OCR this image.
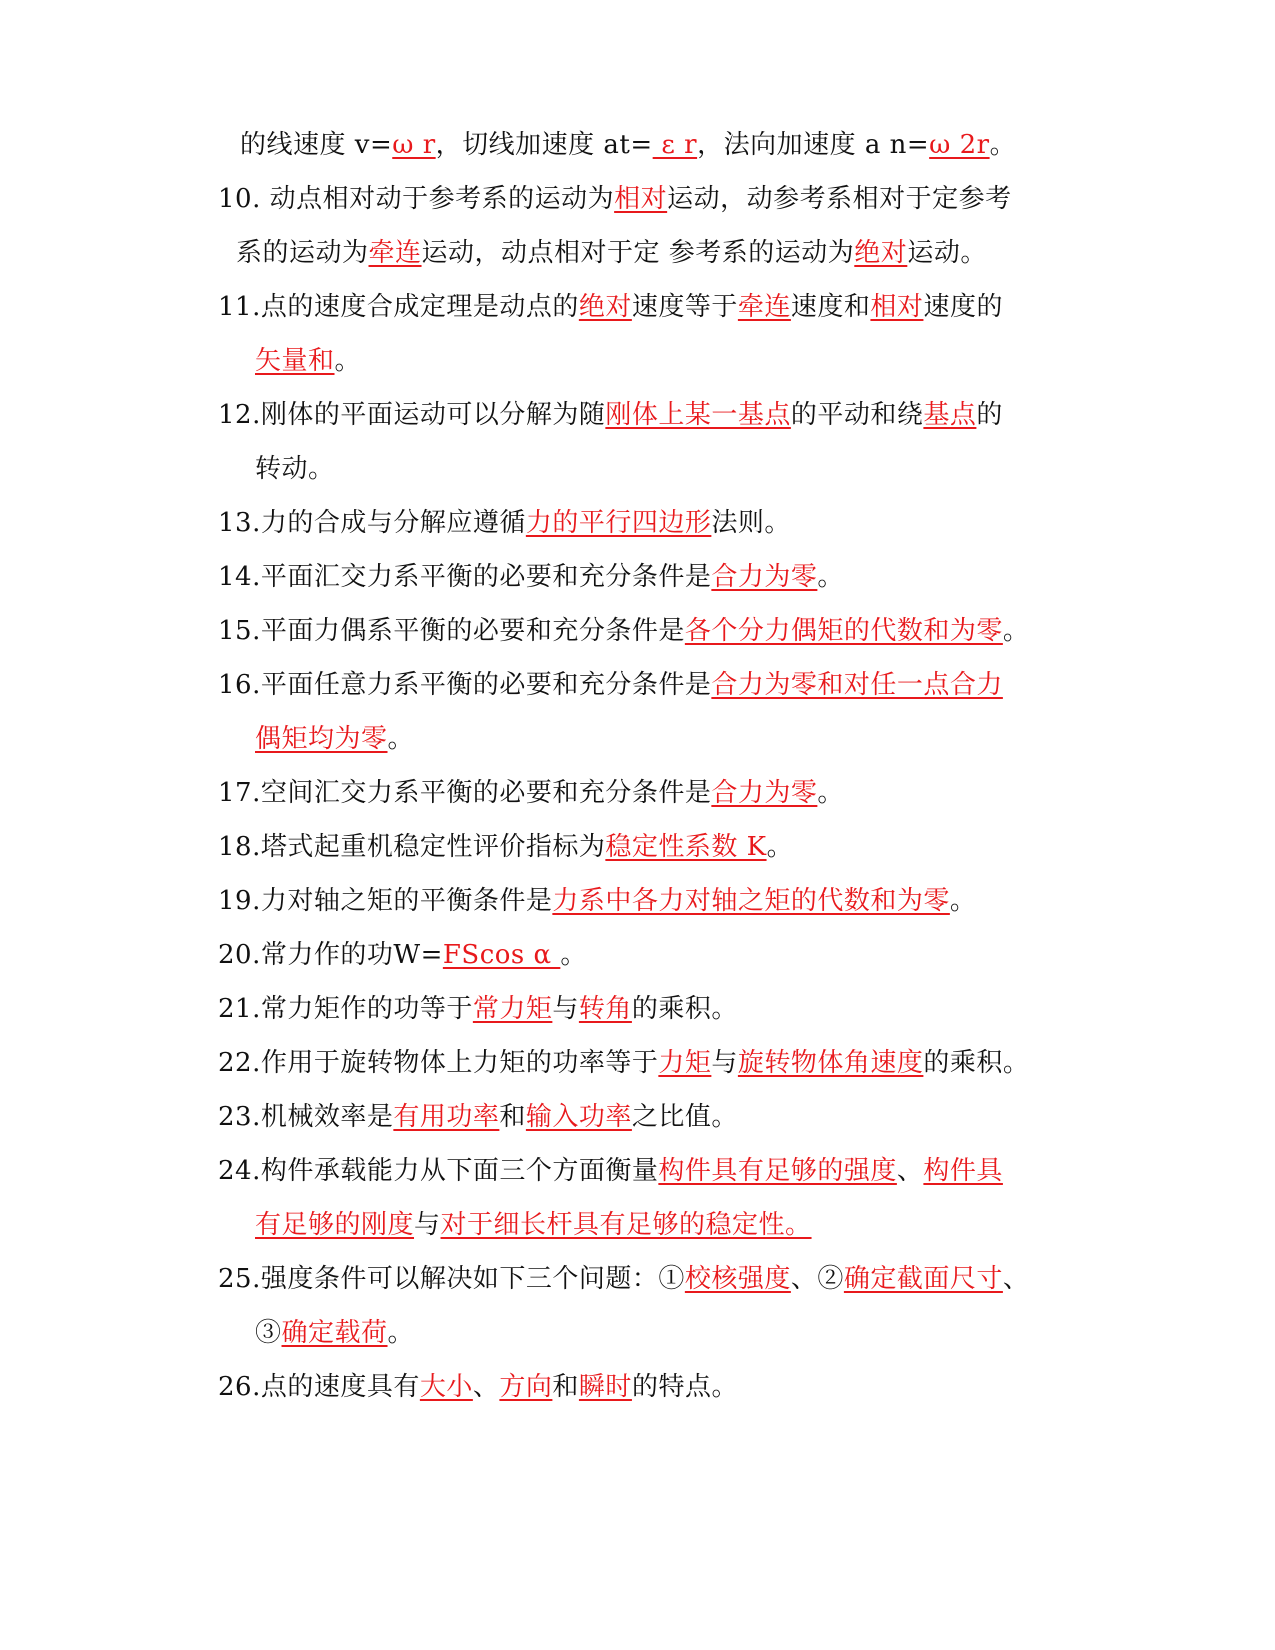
的线速度 v=ω r，切线加速度 at= ε r，法向加速度 a n=ω 2r。
10. 动点相对动于参考系的运动为相对运动，动参考系相对于定参考
系的运动为牵连运动，动点相对于定 参考系的运动为绝对运动。
11.点的速度合成定理是动点的绝对速度等于牵连速度和相对速度的
矢量和。
12.刚体的平面运动可以分解为随刚体上某一基点的平动和绕基点的
转动。
13.力的合成与分解应遵循力的平行四边形法则。
14.平面汇交力系平衡的必要和充分条件是合力为零。
15.平面力偶系平衡的必要和充分条件是各个分力偶矩的代数和为零。
16.平面任意力系平衡的必要和充分条件是合力为零和对任一点合力
偶矩均为零。
17.空间汇交力系平衡的必要和充分条件是合力为零。
18.塔式起重机稳定性评价指标为稳定性系数 K。
19.力对轴之矩的平衡条件是力系中各力对轴之矩的代数和为零。
20.常力作的功W=FScos α 。
21.常力矩作的功等于常力矩与转角的乘积。
22.作用于旋转物体上力矩的功率等于力矩与旋转物体角速度的乘积。
23.机械效率是有用功率和输入功率之比值。
24.构件承载能力从下面三个方面衡量构件具有足够的强度、构件具
有足够的刚度与对于细长杆具有足够的稳定性。
25.强度条件可以解决如下三个问题：①校核强度、②确定截面尺寸、
③确定载荷。
26.点的速度具有大小、方向和瞬时的特点。
